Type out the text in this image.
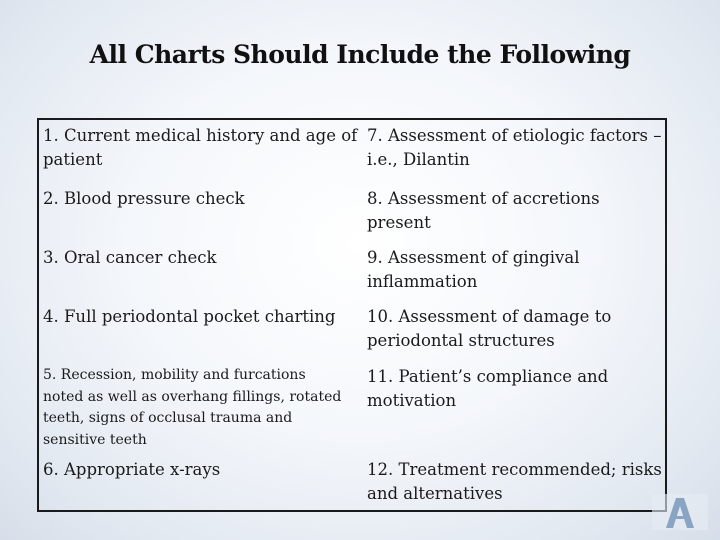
All Charts Should Include the Following
1. Current medical history and age of patient
2. Blood pressure check
3. Oral cancer check
4. Full periodontal pocket charting
5. Recession, mobility and furcations noted as well as overhang fillings, rotated teeth, signs of occlusal trauma and sensitive teeth
6. Appropriate x-rays
7. Assessment of etiologic factors – i.e., Dilantin
8. Assessment of accretions present
9. Assessment of gingival inflammation
10. Assessment of damage to periodontal structures
11. Patient’s compliance and motivation
12. Treatment recommended; risks and alternatives
